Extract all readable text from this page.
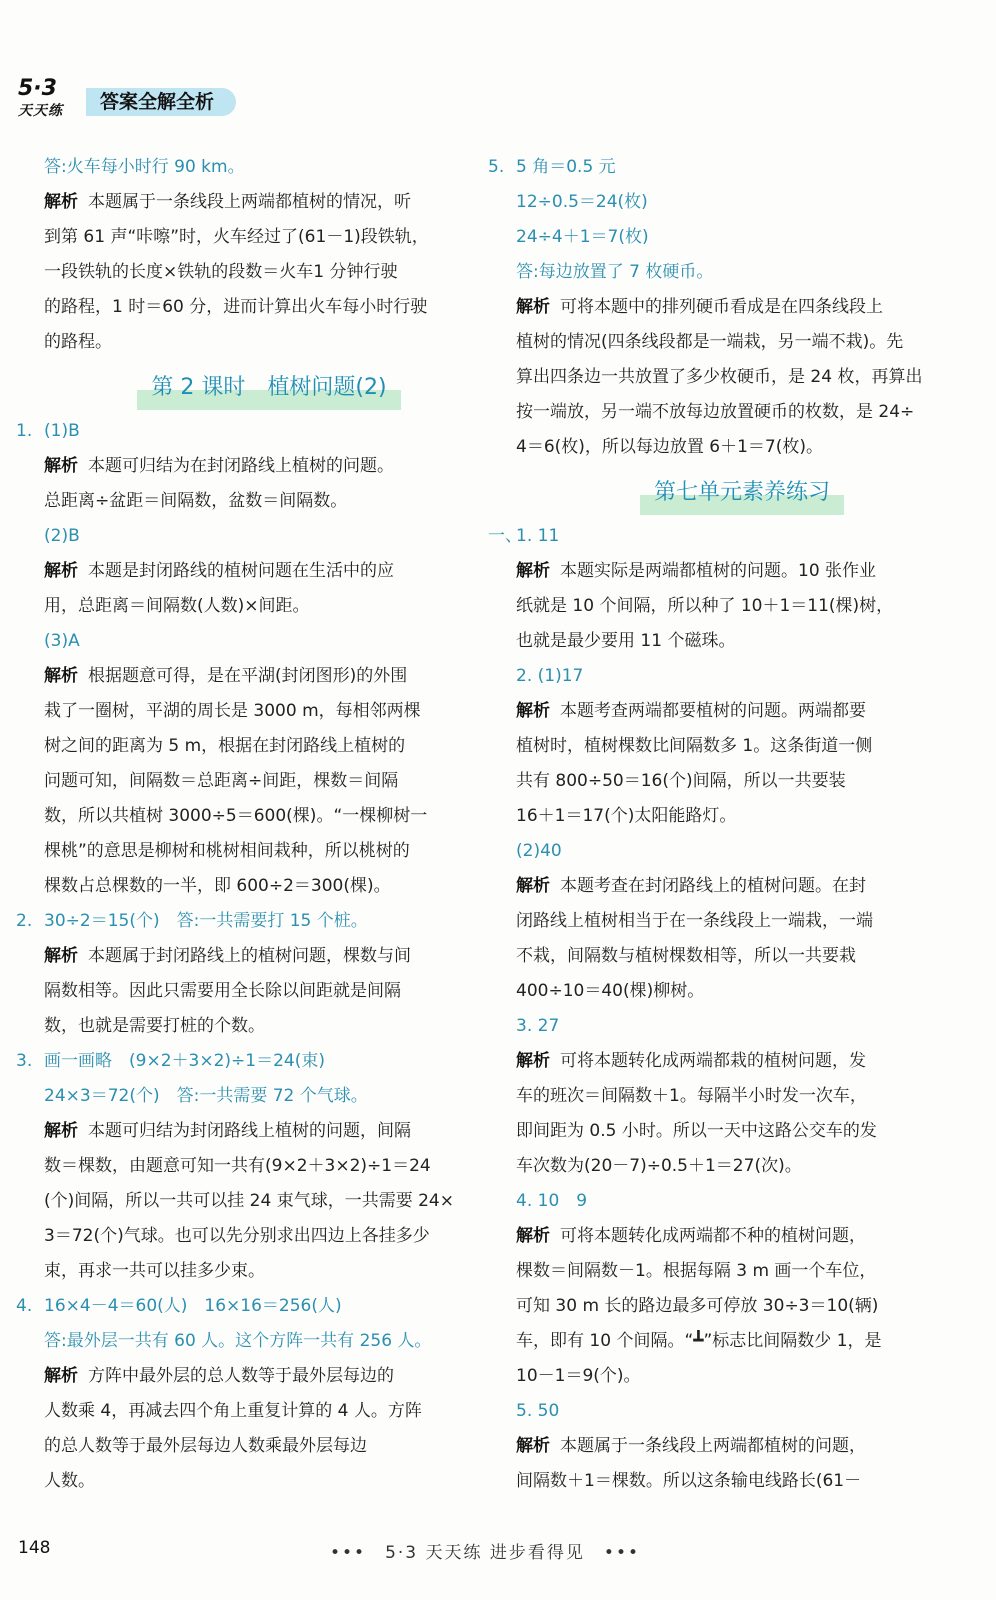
5·3
天天练	答案全解全析
答:火车每小时行 90 km。
解析 本题属于一条线段上两端都植树的情况，听
到第 61 声“咔嚓”时，火车经过了(61－1)段铁轨，
一段铁轨的长度×铁轨的段数＝火车1 分钟行驶
的路程，1 时＝60 分，进而计算出火车每小时行驶
的路程。
第 2 课时　植树问题(2)
1. (1)B
解析 本题可归结为在封闭路线上植树的问题。
总距离÷盆距＝间隔数，盆数＝间隔数。
(2)B
解析 本题是封闭路线的植树问题在生活中的应
用，总距离＝间隔数(人数)×间距。
(3)A
解析 根据题意可得，是在平湖(封闭图形)的外围
栽了一圈树，平湖的周长是 3000 m，每相邻两棵
树之间的距离为 5 m，根据在封闭路线上植树的
问题可知，间隔数＝总距离÷间距，棵数＝间隔
数，所以共植树 3000÷5＝600(棵)。“一棵柳树一
棵桃”的意思是柳树和桃树相间栽种，所以桃树的
棵数占总棵数的一半，即 600÷2＝300(棵)。
2. 30÷2＝15(个)　答:一共需要打 15 个桩。
解析 本题属于封闭路线上的植树问题，棵数与间
隔数相等。因此只需要用全长除以间距就是间隔
数，也就是需要打桩的个数。
3. 画一画略　(9×2＋3×2)÷1＝24(束)
24×3＝72(个)　答:一共需要 72 个气球。
解析 本题可归结为封闭路线上植树的问题，间隔
数＝棵数，由题意可知一共有(9×2＋3×2)÷1＝24
(个)间隔，所以一共可以挂 24 束气球，一共需要 24×
3＝72(个)气球。也可以先分别求出四边上各挂多少
束，再求一共可以挂多少束。
4. 16×4－4＝60(人)　16×16＝256(人)
答:最外层一共有 60 人。这个方阵一共有 256 人。
解析 方阵中最外层的总人数等于最外层每边的
人数乘 4，再减去四个角上重复计算的 4 人。方阵
的总人数等于最外层每边人数乘最外层每边
人数。
5. 5 角＝0.5 元
12÷0.5＝24(枚)
24÷4＋1＝7(枚)
答:每边放置了 7 枚硬币。
解析 可将本题中的排列硬币看成是在四条线段上
植树的情况(四条线段都是一端栽，另一端不栽)。先
算出四条边一共放置了多少枚硬币，是 24 枚，再算出
按一端放，另一端不放每边放置硬币的枚数，是 24÷
4＝6(枚)，所以每边放置 6＋1＝7(枚)。
第七单元素养练习
一、1. 11
解析 本题实际是两端都植树的问题。10 张作业
纸就是 10 个间隔，所以种了 10＋1＝11(棵)树，
也就是最少要用 11 个磁珠。
2. (1)17
解析 本题考查两端都要植树的问题。两端都要
植树时，植树棵数比间隔数多 1。这条街道一侧
共有 800÷50＝16(个)间隔，所以一共要装
16＋1＝17(个)太阳能路灯。
(2)40
解析 本题考查在封闭路线上的植树问题。在封
闭路线上植树相当于在一条线段上一端栽，一端
不栽，间隔数与植树棵数相等，所以一共要栽
400÷10＝40(棵)柳树。
3. 27
解析 可将本题转化成两端都栽的植树问题，发
车的班次＝间隔数＋1。每隔半小时发一次车，
即间距为 0.5 小时。所以一天中这路公交车的发
车次数为(20－7)÷0.5＋1＝27(次)。
4. 10　9
解析 可将本题转化成两端都不种的植树问题，
棵数＝间隔数－1。根据每隔 3 m 画一个车位，
可知 30 m 长的路边最多可停放 30÷3＝10(辆)
车，即有 10 个间隔。“┻”标志比间隔数少 1，是
10－1＝9(个)。
5. 50
解析 本题属于一条线段上两端都植树的问题，
间隔数＋1＝棵数。所以这条输电线路长(61－
148	•••　5·3 天天练 进步看得见　•••
